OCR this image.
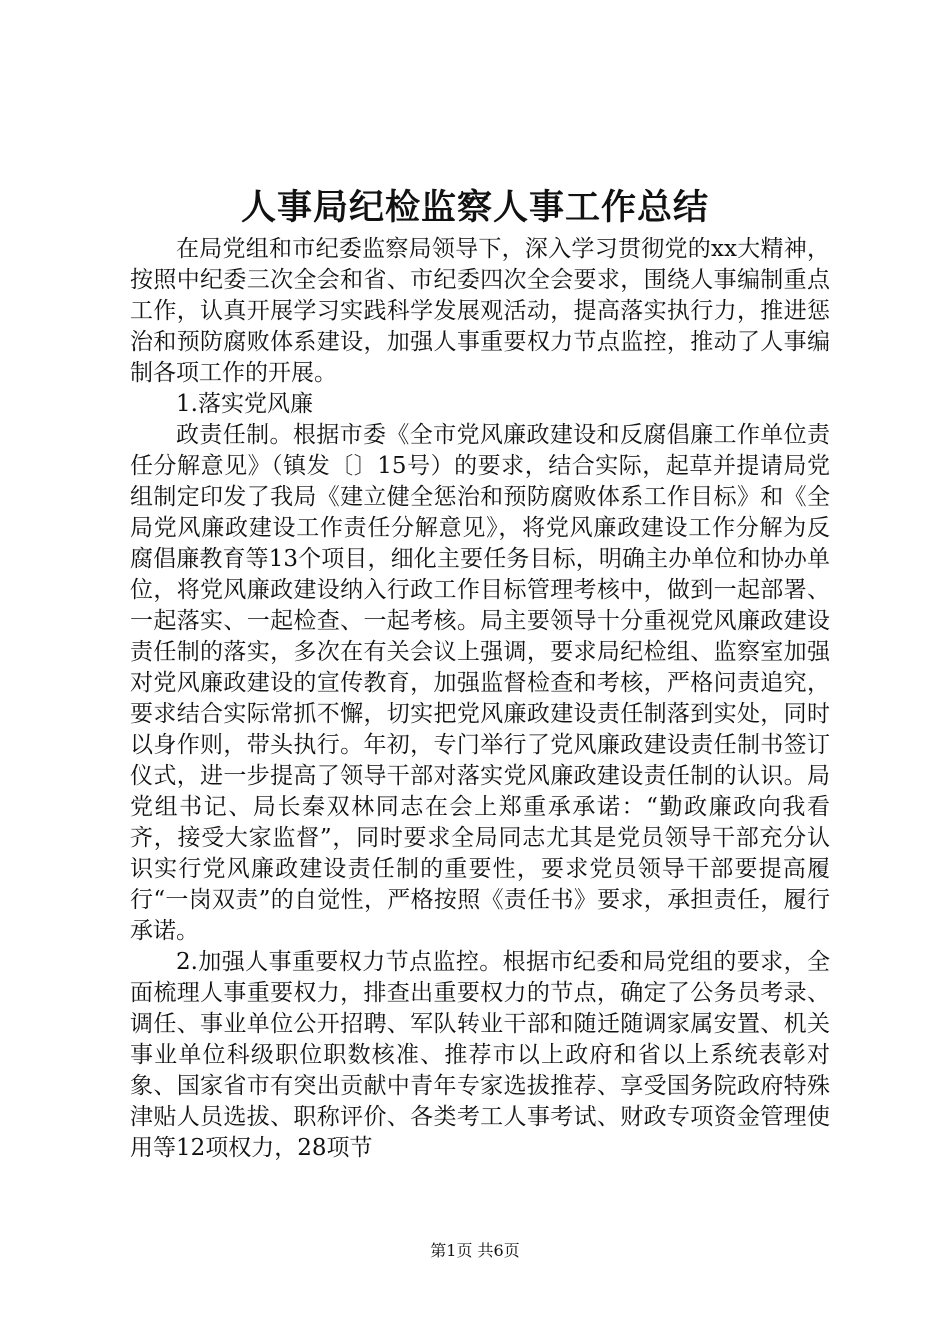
人事局纪检监察人事工作总结

在局党组和市纪委监察局领导下，深入学习贯彻党的xx大精神，按照中纪委三次全会和省、市纪委四次全会要求，围绕人事编制重点工作，认真开展学习实践科学发展观活动，提高落实执行力，推进惩治和预防腐败体系建设，加强人事重要权力节点监控，推动了人事编制各项工作的开展。

1.落实党风廉

政责任制。根据市委《全市党风廉政建设和反腐倡廉工作单位责任分解意见》（镇发〔〕15号）的要求，结合实际，起草并提请局党组制定印发了我局《建立健全惩治和预防腐败体系工作目标》和《全局党风廉政建设工作责任分解意见》，将党风廉政建设工作分解为反腐倡廉教育等13个项目，细化主要任务目标，明确主办单位和协办单位，将党风廉政建设纳入行政工作目标管理考核中，做到一起部署、一起落实、一起检查、一起考核。局主要领导十分重视党风廉政建设责任制的落实，多次在有关会议上强调，要求局纪检组、监察室加强对党风廉政建设的宣传教育，加强监督检查和考核，严格问责追究，要求结合实际常抓不懈，切实把党风廉政建设责任制落到实处，同时以身作则，带头执行。年初，专门举行了党风廉政建设责任制书签订仪式，进一步提高了领导干部对落实党风廉政建设责任制的认识。局党组书记、局长秦双林同志在会上郑重承承诺：“勤政廉政向我看齐，接受大家监督”，同时要求全局同志尤其是党员领导干部充分认识实行党风廉政建设责任制的重要性，要求党员领导干部要提高履行“一岗双责”的自觉性，严格按照《责任书》要求，承担责任，履行承诺。

2.加强人事重要权力节点监控。根据市纪委和局党组的要求，全面梳理人事重要权力，排查出重要权力的节点，确定了公务员考录、调任、事业单位公开招聘、军队转业干部和随迁随调家属安置、机关事业单位科级职位职数核准、推荐市以上政府和省以上系统表彰对象、国家省市有突出贡献中青年专家选拔推荐、享受国务院政府特殊津贴人员选拔、职称评价、各类考工人事考试、财政专项资金管理使用等12项权力，28项节

第1页 共6页
